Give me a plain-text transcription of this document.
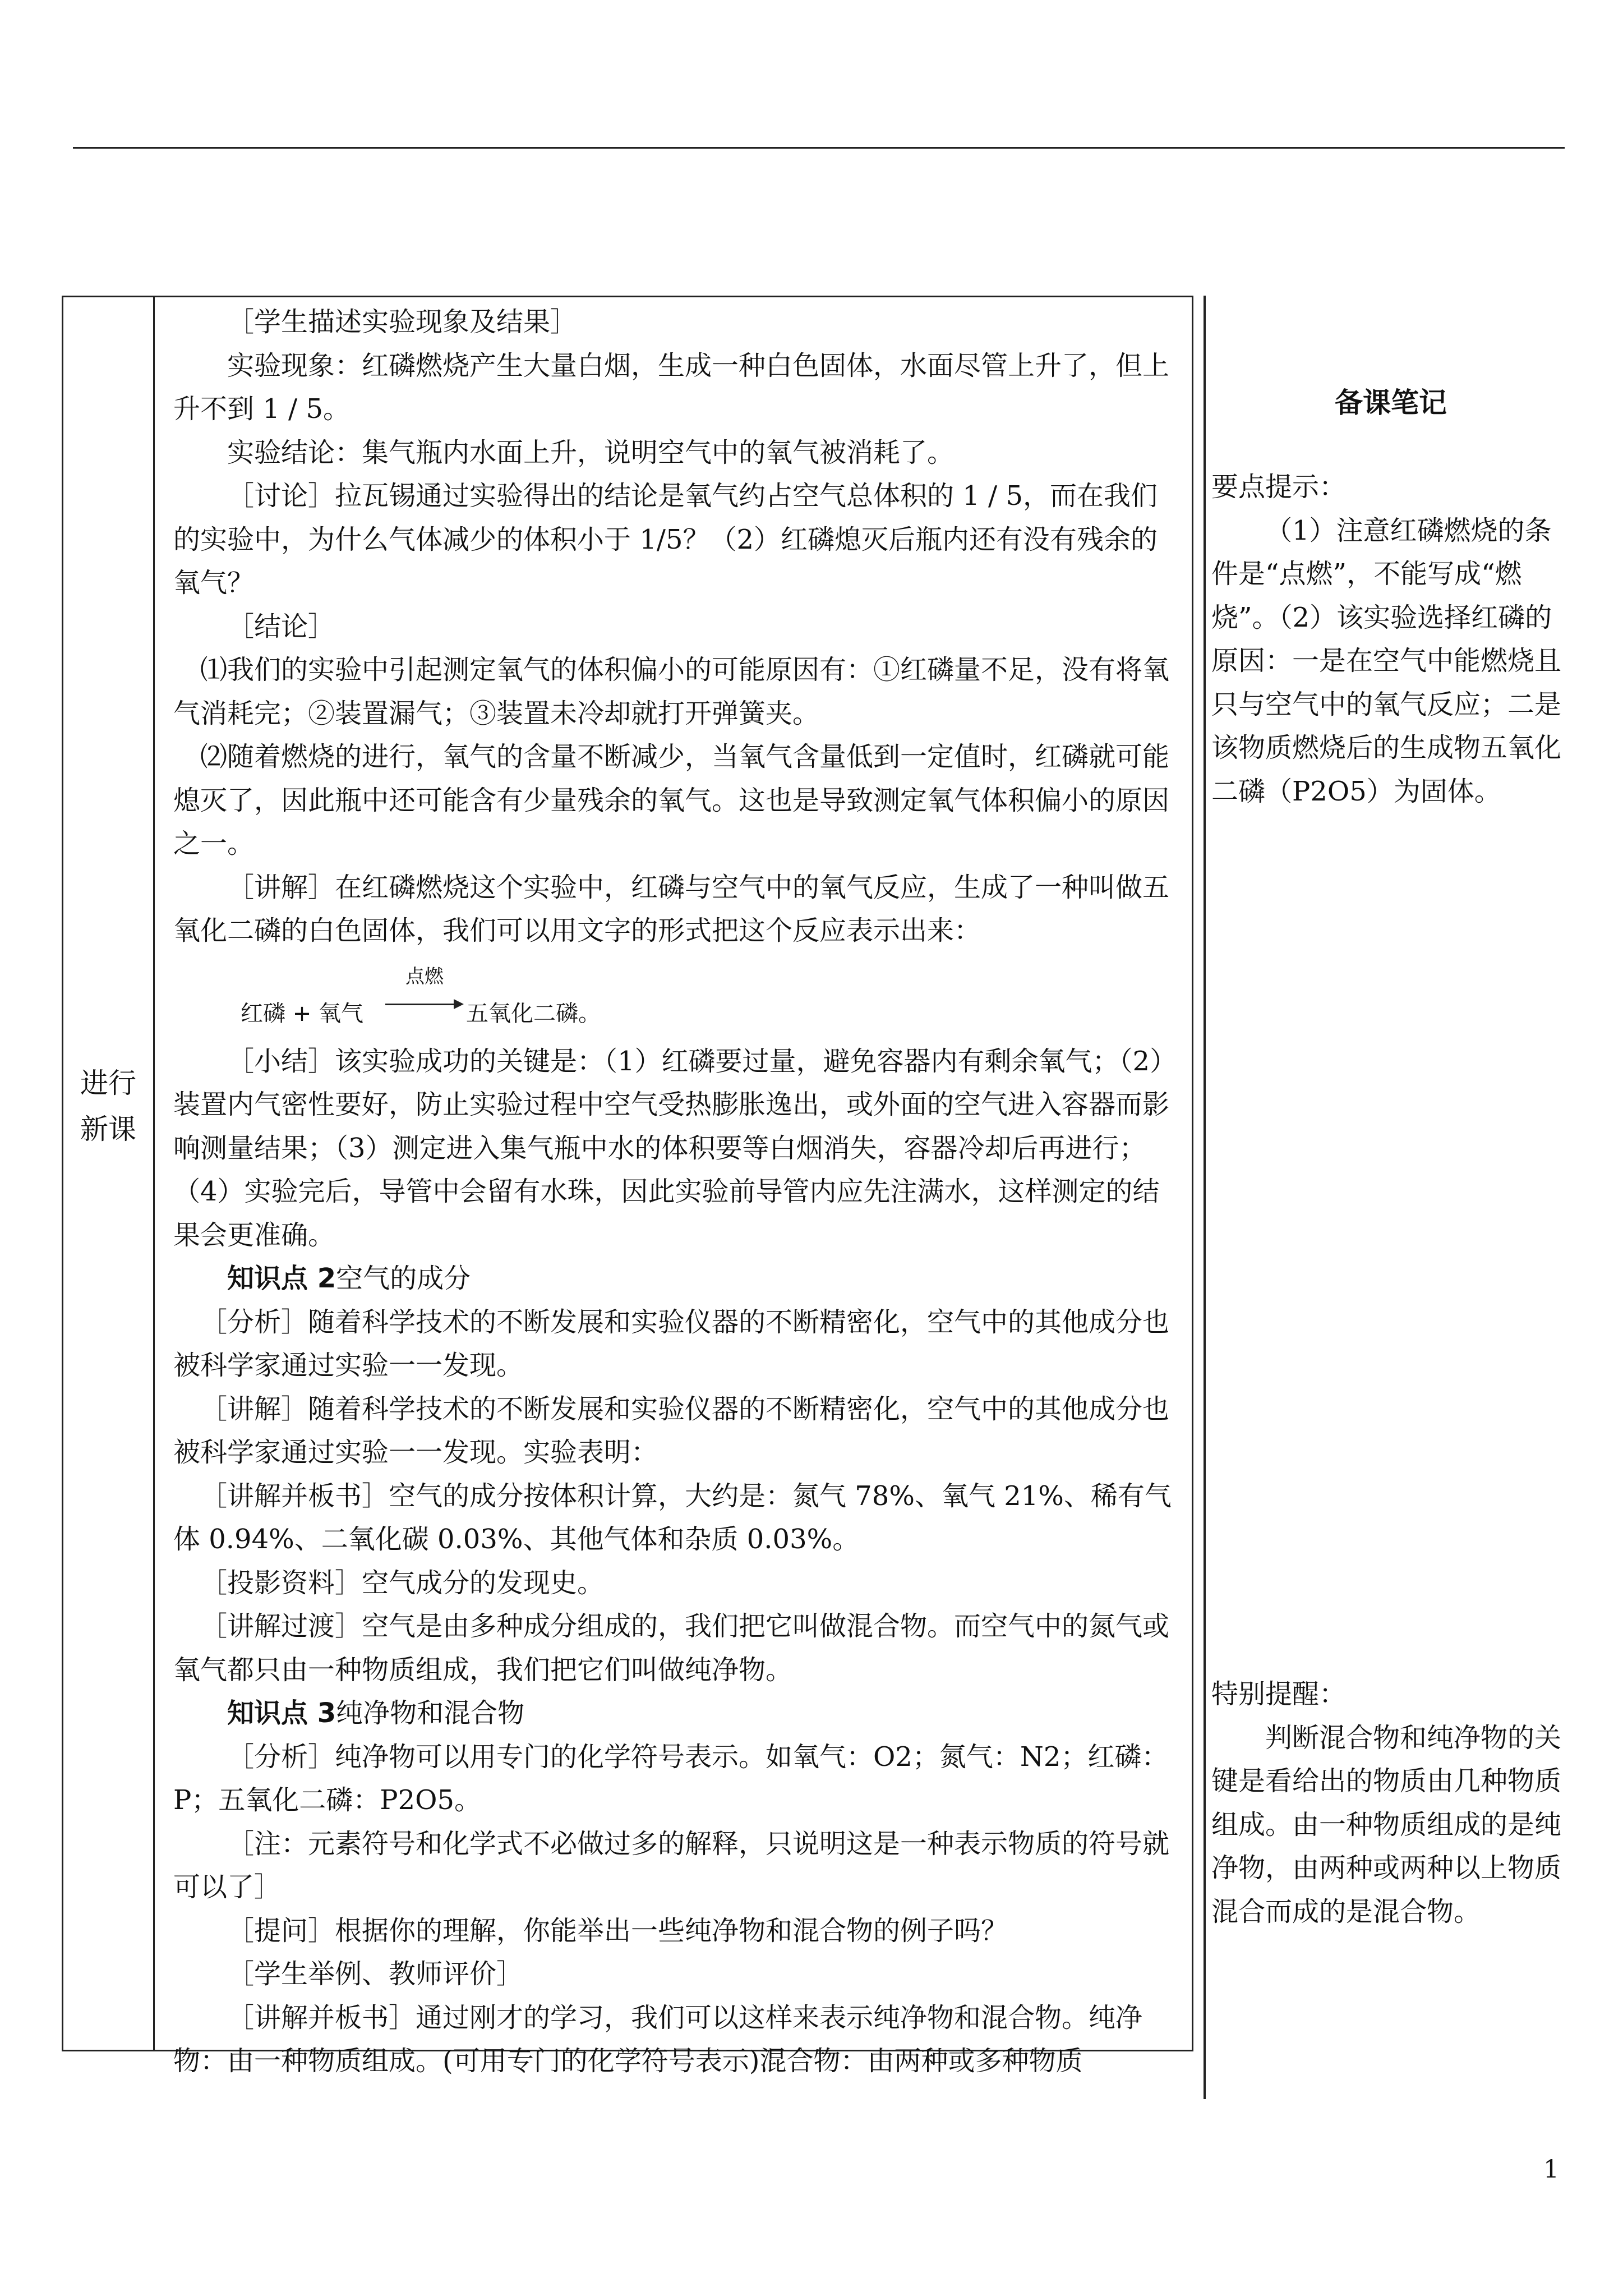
进行
新课

［学生描述实验现象及结果］

实验现象：红磷燃烧产生大量白烟，生成一种白色固体，水面尽管上升了，但上升不到 1 / 5。

实验结论：集气瓶内水面上升，说明空气中的氧气被消耗了。

［讨论］拉瓦锡通过实验得出的结论是氧气约占空气总体积的 1 / 5，而在我们的实验中，为什么气体减少的体积小于 1/5？（2）红磷熄灭后瓶内还有没有残余的氧气？

［结论］

⑴我们的实验中引起测定氧气的体积偏小的可能原因有：①红磷量不足，没有将氧气消耗完；②装置漏气；③装置未冷却就打开弹簧夹。

⑵随着燃烧的进行，氧气的含量不断减少，当氧气含量低到一定值时，红磷就可能熄灭了，因此瓶中还可能含有少量残余的氧气。这也是导致测定氧气体积偏小的原因之一。

［讲解］在红磷燃烧这个实验中，红磷与空气中的氧气反应，生成了一种叫做五氧化二磷的白色固体，我们可以用文字的形式把这个反应表示出来：

红磷 + 氧气
点燃
五氧化二磷。

［小结］该实验成功的关键是：（1）红磷要过量，避免容器内有剩余氧气；（2）装置内气密性要好，防止实验过程中空气受热膨胀逸出，或外面的空气进入容器而影响测量结果；（3）测定进入集气瓶中水的体积要等白烟消失，容器冷却后再进行；（4）实验完后，导管中会留有水珠，因此实验前导管内应先注满水，这样测定的结果会更准确。

知识点 2空气的成分

［分析］随着科学技术的不断发展和实验仪器的不断精密化，空气中的其他成分也被科学家通过实验一一发现。

［讲解］随着科学技术的不断发展和实验仪器的不断精密化，空气中的其他成分也被科学家通过实验一一发现。实验表明：

［讲解并板书］空气的成分按体积计算，大约是：氮气 78%、氧气 21%、稀有气体 0.94%、二氧化碳 0.03%、其他气体和杂质 0.03%。

［投影资料］空气成分的发现史。

［讲解过渡］空气是由多种成分组成的，我们把它叫做混合物。而空气中的氮气或氧气都只由一种物质组成，我们把它们叫做纯净物。

知识点 3纯净物和混合物

［分析］纯净物可以用专门的化学符号表示。如氧气：O2；氮气：N2；红磷：P；五氧化二磷：P2O5。

［注：元素符号和化学式不必做过多的解释，只说明这是一种表示物质的符号就可以了］

［提问］根据你的理解，你能举出一些纯净物和混合物的例子吗？

［学生举例、教师评价］

［讲解并板书］通过刚才的学习，我们可以这样来表示纯净物和混合物。纯净物：由一种物质组成。(可用专门的化学符号表示)混合物：由两种或多种物质

备课笔记

要点提示：

（1）注意红磷燃烧的条件是“点燃”，不能写成“燃烧”。（2）该实验选择红磷的原因：一是在空气中能燃烧且只与空气中的氧气反应；二是该物质燃烧后的生成物五氧化二磷（P2O5）为固体。

特别提醒：

判断混合物和纯净物的关键是看给出的物质由几种物质组成。由一种物质组成的是纯净物，由两种或两种以上物质混合而成的是混合物。

1
